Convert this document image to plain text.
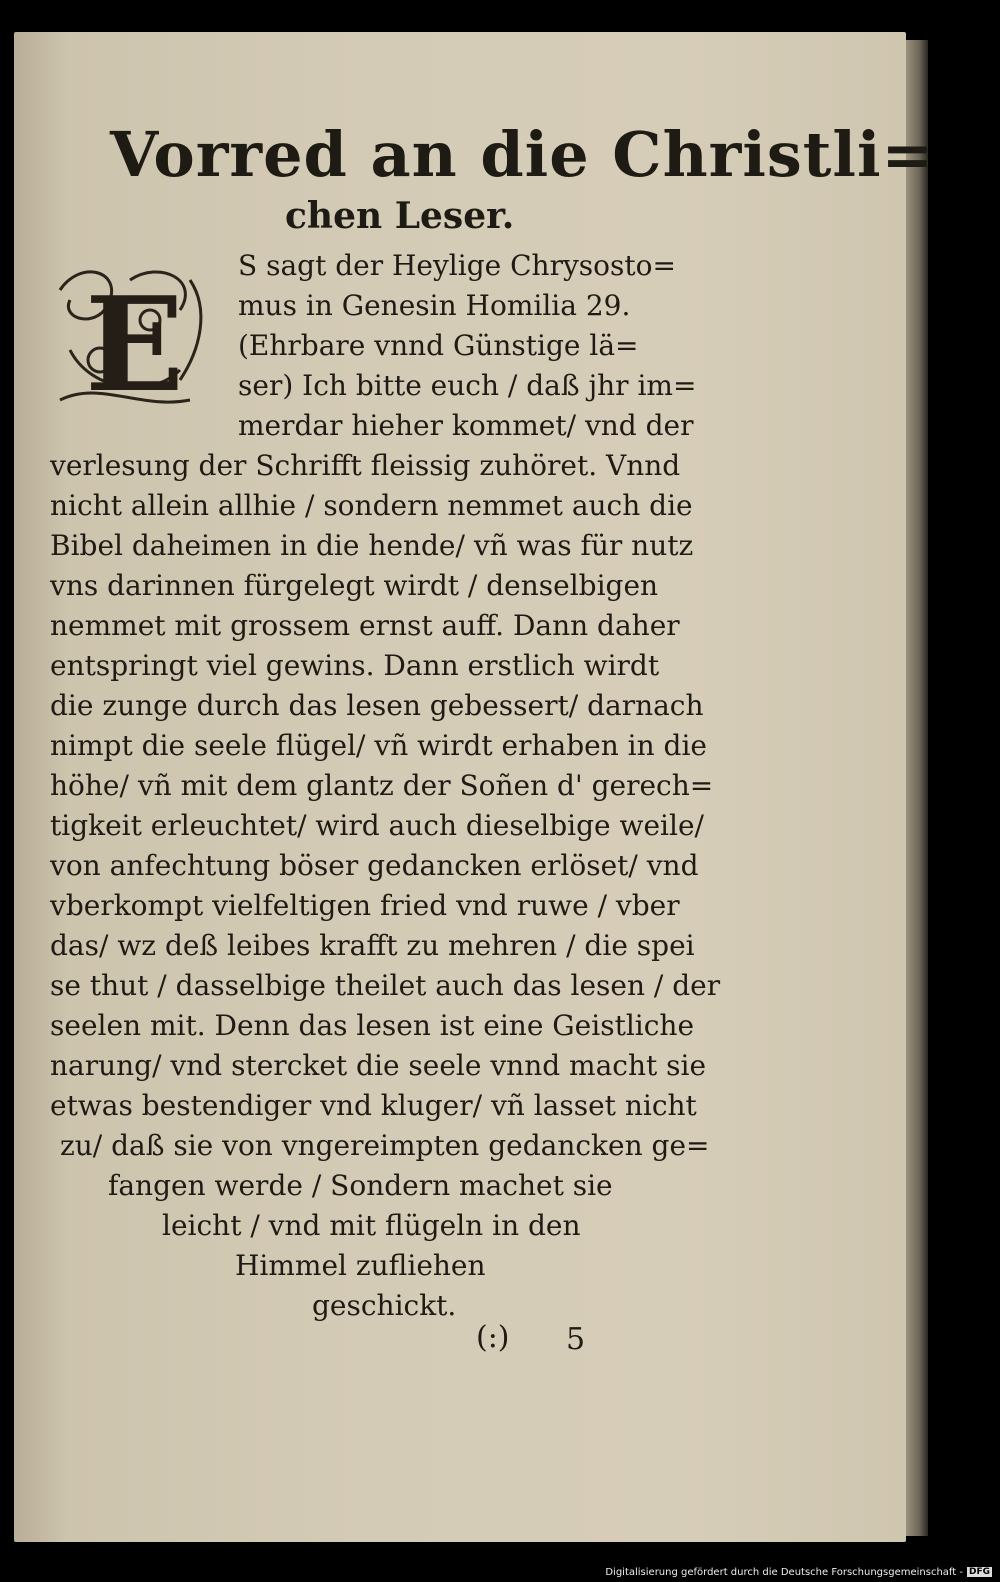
Vorred an die Christli=
chen Leser.
E
S sagt der Heylige Chrysosto=
mus in Genesin Homilia 29.
(Ehrbare vnnd Günstige lä=
ser) Ich bitte euch / daß jhr im=
merdar hieher kommet/ vnd der
verlesung der Schrifft fleissig zuhöret. Vnnd
nicht allein allhie / sondern nemmet auch die
Bibel daheimen in die hende/ vñ was für nutz
vns darinnen fürgelegt wirdt / denselbigen
nemmet mit grossem ernst auff. Dann daher
entspringt viel gewins. Dann erstlich wirdt
die zunge durch das lesen gebessert/ darnach
nimpt die seele flügel/ vñ wirdt erhaben in die
höhe/ vñ mit dem glantz der Soñen d' gerech=
tigkeit erleuchtet/ wird auch dieselbige weile/
von anfechtung böser gedancken erlöset/ vnd
vberkompt vielfeltigen fried vnd ruwe / vber
das/ wz deß leibes krafft zu mehren / die spei
se thut / dasselbige theilet auch das lesen / der
seelen mit. Denn das lesen ist eine Geistliche
narung/ vnd stercket die seele vnnd macht sie
etwas bestendiger vnd kluger/ vñ lasset nicht
zu/ daß sie von vngereimpten gedancken ge=
fangen werde / Sondern machet sie
leicht / vnd mit flügeln in den
Himmel zufliehen
geschickt.
(:) 5
Digitalisierung gefördert durch die Deutsche Forschungsgemeinschaft - DFG
